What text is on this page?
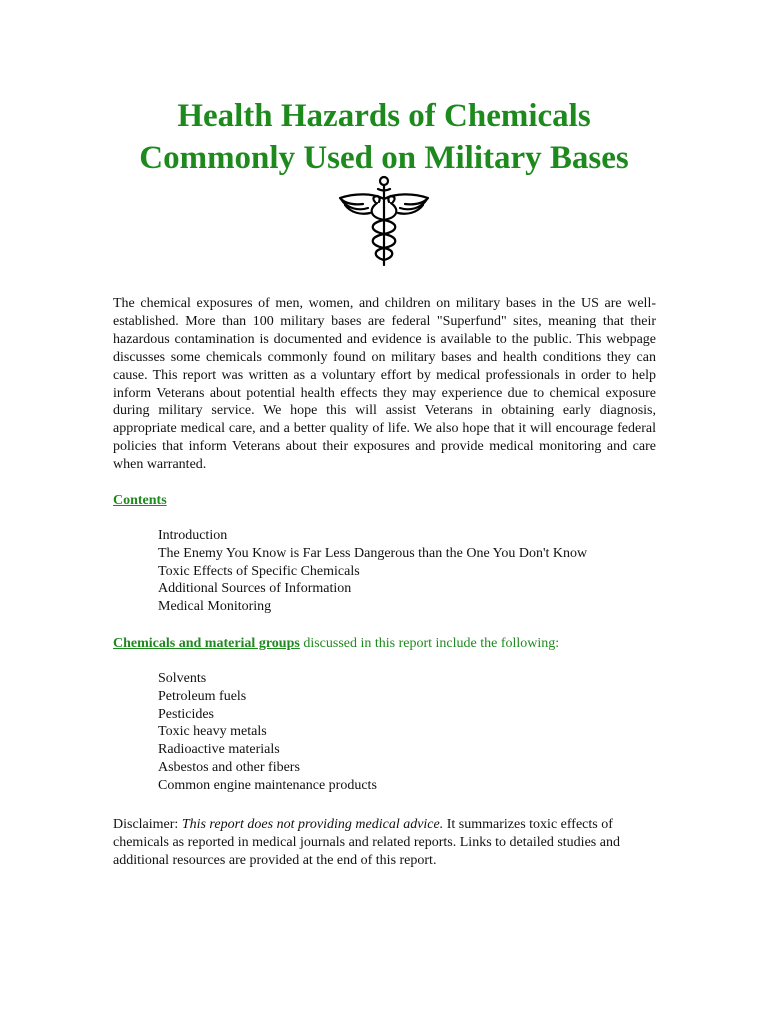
Health Hazards of Chemicals
Commonly Used on Military Bases

The chemical exposures of men, women, and children on military bases in the US are well-established. More than 100 military bases are federal "Superfund" sites, meaning that their hazardous contamination is documented and evidence is available to the public. This webpage discusses some chemicals commonly found on military bases and health conditions they can cause. This report was written as a voluntary effort by medical professionals in order to help inform Veterans about potential health effects they may experience due to chemical exposure during military service. We hope this will assist Veterans in obtaining early diagnosis, appropriate medical care, and a better quality of life. We also hope that it will encourage federal policies that inform Veterans about their exposures and provide medical monitoring and care when warranted.

Contents

Introduction
The Enemy You Know is Far Less Dangerous than the One You Don't Know
Toxic Effects of Specific Chemicals
Additional Sources of Information
Medical Monitoring

Chemicals and material groups discussed in this report include the following:

Solvents
Petroleum fuels
Pesticides
Toxic heavy metals
Radioactive materials
Asbestos and other fibers
Common engine maintenance products

Disclaimer: This report does not providing medical advice. It summarizes toxic effects of chemicals as reported in medical journals and related reports. Links to detailed studies and additional resources are provided at the end of this report.
